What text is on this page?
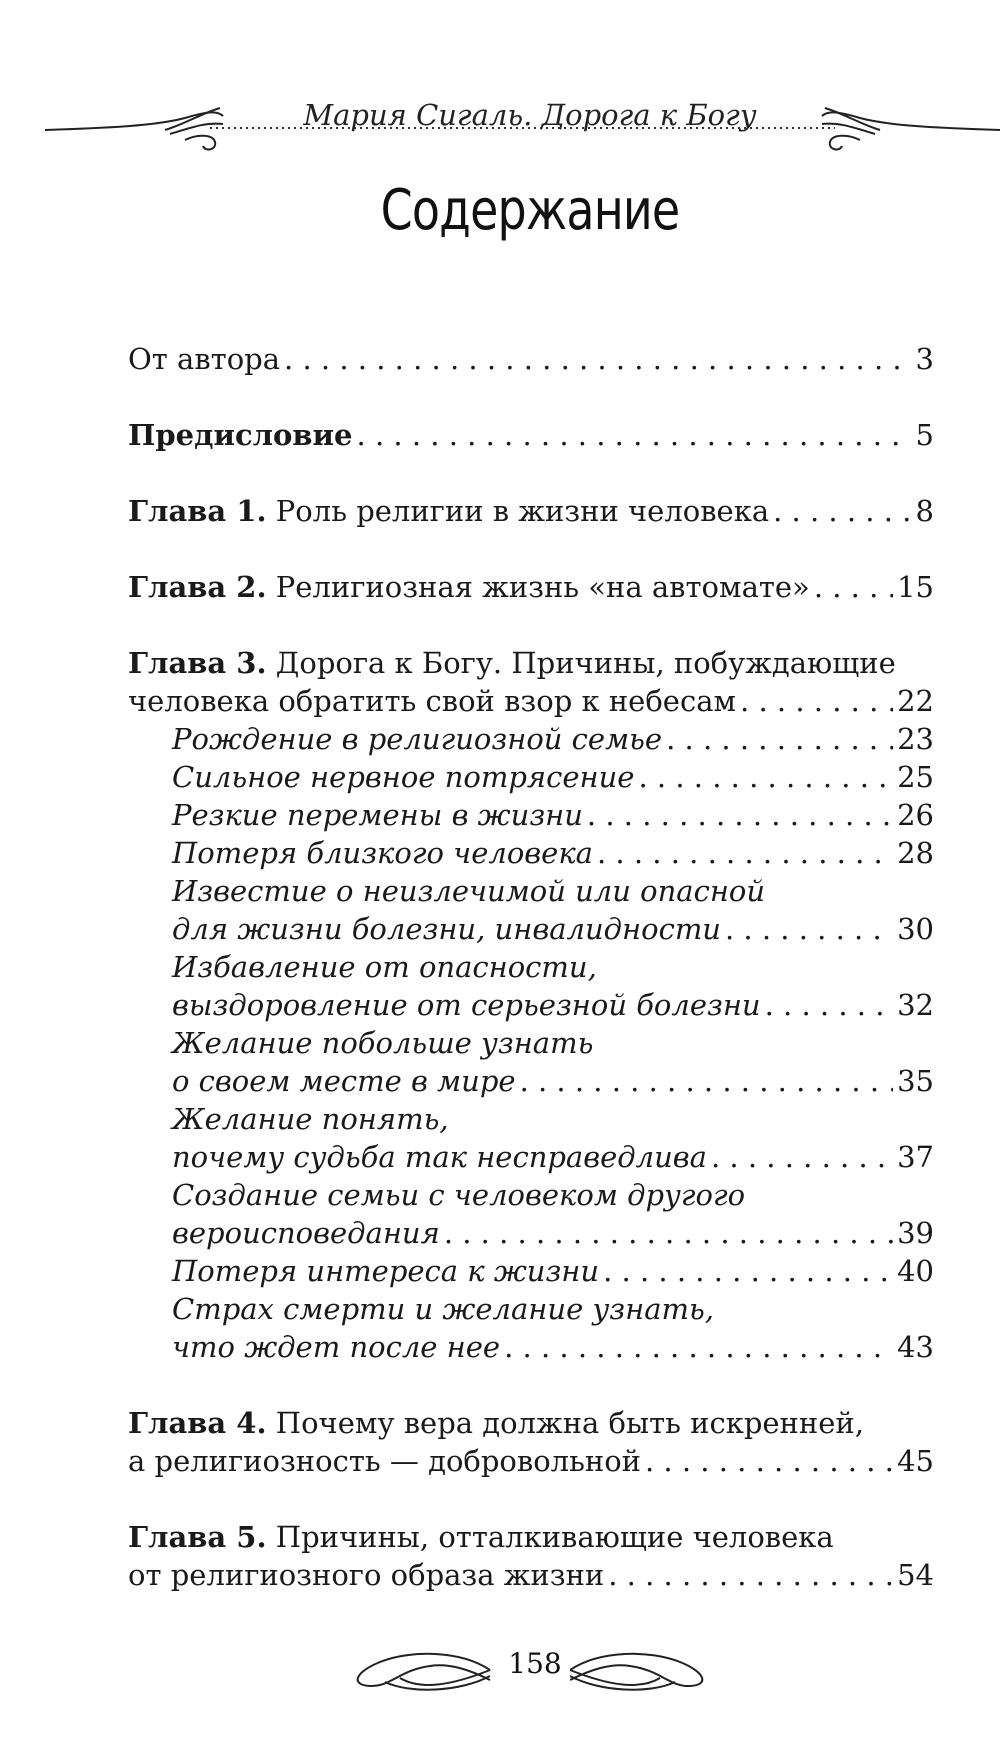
Мария Сигаль. Дорога к Богу
Содержание
От автора . . .	3
Предисловие . . .	5
Глава 1. Роль религии в жизни человека . . .	8
Глава 2. Религиозная жизнь «на автомате» . . .	15
Глава 3. Дорога к Богу. Причины, побуждающие
человека обратить свой взор к небесам . . .	22
Рождение в религиозной семье . . .	23
Сильное нервное потрясение . . .	25
Резкие перемены в жизни . . .	26
Потеря близкого человека . . .	28
Известие о неизлечимой или опасной
для жизни болезни, инвалидности . . .	30
Избавление от опасности,
выздоровление от серьезной болезни . . .	32
Желание побольше узнать
о своем месте в мире . . .	35
Желание понять,
почему судьба так несправедлива . . .	37
Создание семьи с человеком другого
вероисповедания . . .	39
Потеря интереса к жизни . . .	40
Страх смерти и желание узнать,
что ждет после нее . . .	43
Глава 4. Почему вера должна быть искренней,
а религиозность — добровольной . . .	45
Глава 5. Причины, отталкивающие человека
от религиозного образа жизни . . .	54
158
